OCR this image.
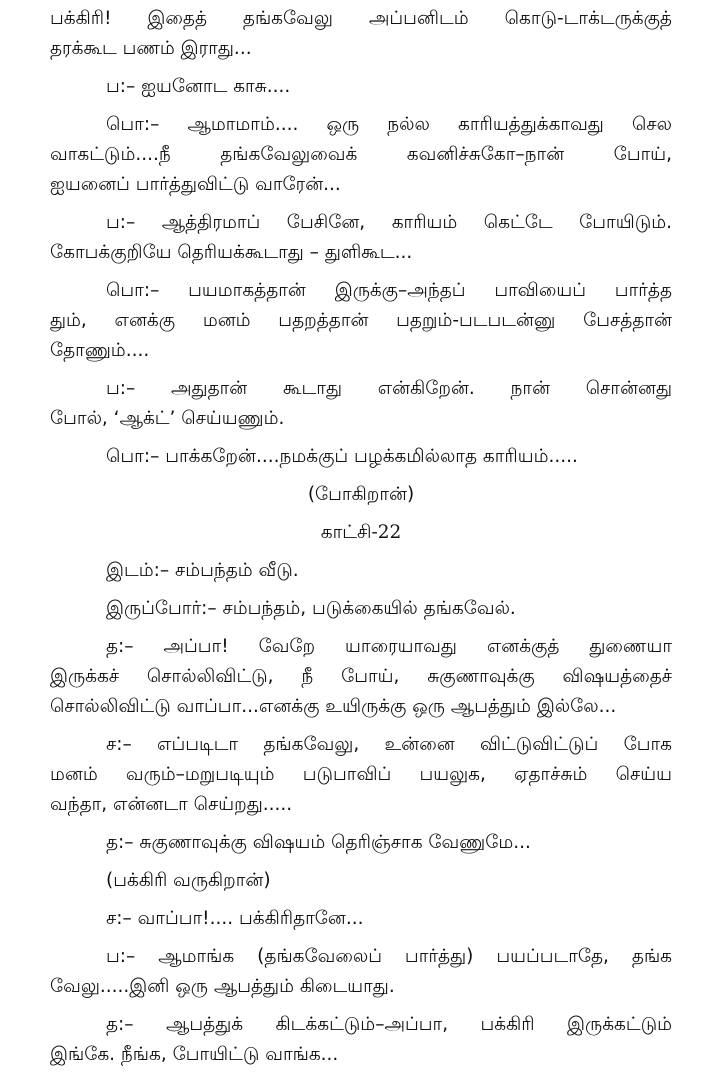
பக்கிரி! இதைத் தங்கவேலு அப்பனிடம் கொடு-டாக்டருக்குத்
தரக்கூட பணம் இராது...
ப:– ஐயனோட காசு....
பொ:– ஆமாமாம்.... ஒரு நல்ல காரியத்துக்காவது செல
வாகட்டும்....நீ தங்கவேலுவைக் கவனிச்சுகோ–நான் போய்,
ஐயனைப் பார்த்துவிட்டு வாரேன்...
ப:– ஆத்திரமாப் பேசினே, காரியம் கெட்டே போயிடும்.
கோபக்குறியே தெரியக்கூடாது – துளிகூட...
பொ:– பயமாகத்தான் இருக்கு–அந்தப் பாவியைப் பார்த்த
தும், எனக்கு மனம் பதறத்தான் பதறும்-படபடன்னு பேசத்தான்
தோணும்....
ப:– அதுதான் கூடாது என்கிறேன். நான் சொன்னது
போல், ‘ஆக்ட்’ செய்யணும்.
பொ:– பாக்கறேன்....நமக்குப் பழக்கமில்லாத காரியம்.....
(போகிறான்)
காட்சி-22
இடம்:– சம்பந்தம் வீடு.
இருப்போர்:– சம்பந்தம், படுக்கையில் தங்கவேல்.
த:– அப்பா! வேறே யாரையாவது எனக்குத் துணையா
இருக்கச் சொல்லிவிட்டு, நீ போய், சுகுணாவுக்கு விஷயத்தைச்
சொல்லிவிட்டு வாப்பா...எனக்கு உயிருக்கு ஒரு ஆபத்தும் இல்லே...
ச:– எப்படிடா தங்கவேலு, உன்னை விட்டுவிட்டுப் போக
மனம் வரும்–மறுபடியும் படுபாவிப் பயலுக, ஏதாச்சும் செய்ய
வந்தா, என்னடா செய்றது.....
த:– சுகுணாவுக்கு விஷயம் தெரிஞ்சாக வேணுமே...
(பக்கிரி வருகிறான்)
ச:– வாப்பா!.... பக்கிரிதானே...
ப:– ஆமாங்க (தங்கவேலைப் பார்த்து) பயப்படாதே, தங்க
வேலு.....இனி ஒரு ஆபத்தும் கிடையாது.
த:– ஆபத்துக் கிடக்கட்டும்–அப்பா, பக்கிரி இருக்கட்டும்
இங்கே. நீங்க, போயிட்டு வாங்க...
